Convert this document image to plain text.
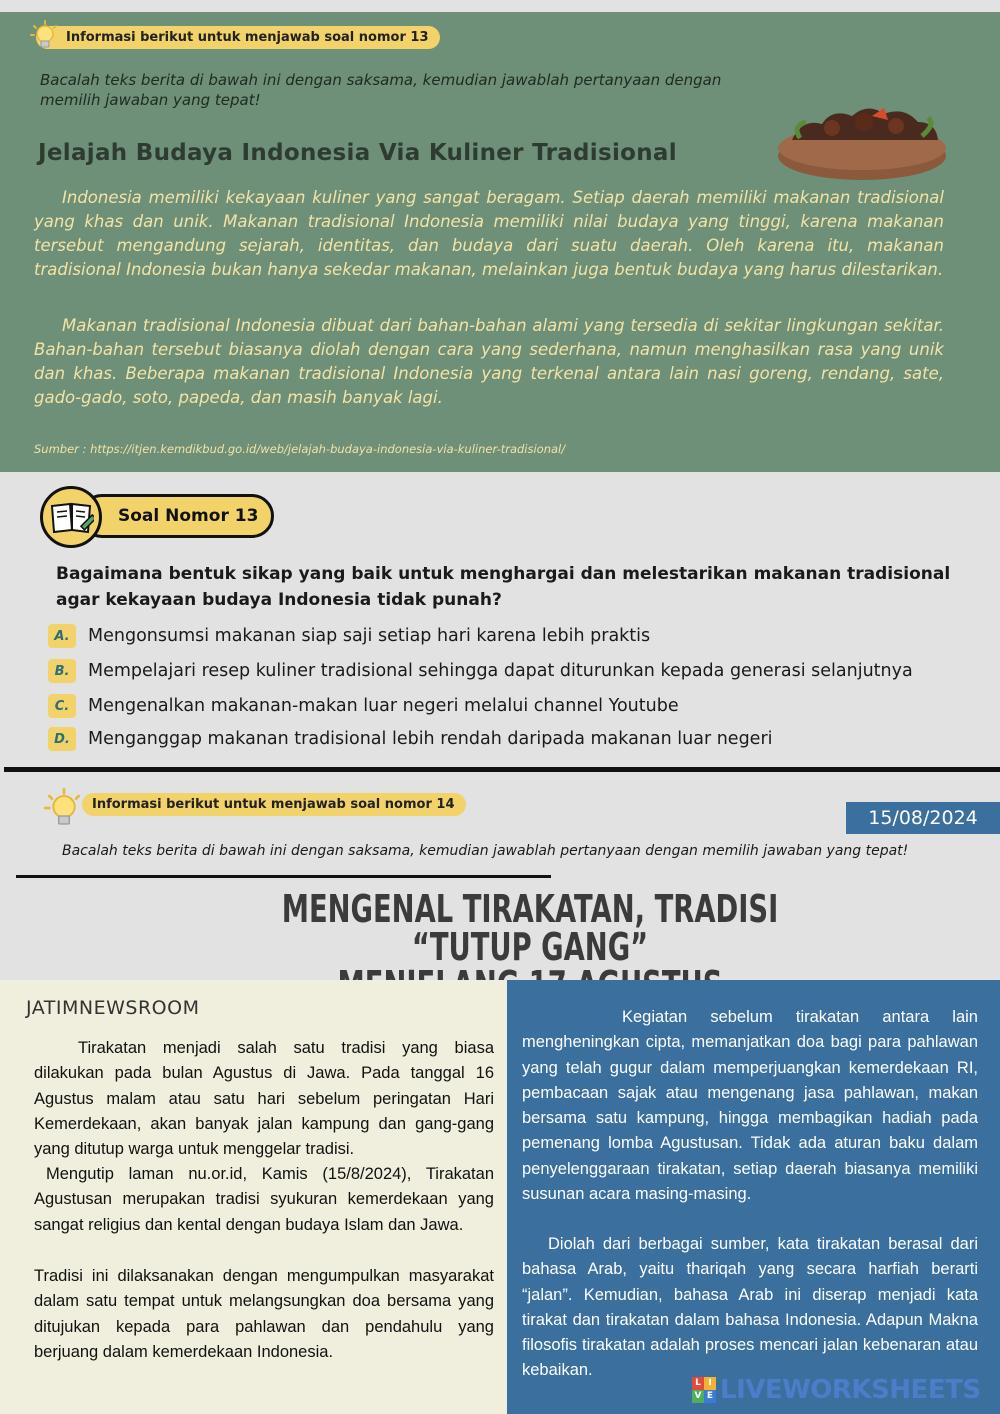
Informasi berikut untuk menjawab soal nomor 13
Bacalah teks berita di bawah ini dengan saksama, kemudian jawablah pertanyaan dengan memilih jawaban yang tepat!
Jelajah Budaya Indonesia Via Kuliner Tradisional
Indonesia memiliki kekayaan kuliner yang sangat beragam. Setiap daerah memiliki makanan tradisional yang khas dan unik. Makanan tradisional Indonesia memiliki nilai budaya yang tinggi, karena makanan tersebut mengandung sejarah, identitas, dan budaya dari suatu daerah. Oleh karena itu, makanan tradisional Indonesia bukan hanya sekedar makanan, melainkan juga bentuk budaya yang harus dilestarikan.
Makanan tradisional Indonesia dibuat dari bahan-bahan alami yang tersedia di sekitar lingkungan sekitar. Bahan-bahan tersebut biasanya diolah dengan cara yang sederhana, namun menghasilkan rasa yang unik dan khas. Beberapa makanan tradisional Indonesia yang terkenal antara lain nasi goreng, rendang, sate, gado-gado, soto, papeda, dan masih banyak lagi.
Sumber : https://itjen.kemdikbud.go.id/web/jelajah-budaya-indonesia-via-kuliner-tradisional/
Soal Nomor 13
Bagaimana bentuk sikap yang baik untuk menghargai dan melestarikan makanan tradisional agar kekayaan budaya Indonesia tidak punah?
A.	Mengonsumsi makanan siap saji setiap hari karena lebih praktis
B.	Mempelajari resep kuliner tradisional sehingga dapat diturunkan kepada generasi selanjutnya
C.	Mengenalkan makanan-makan luar negeri melalui channel Youtube
D.	Menganggap makanan tradisional lebih rendah daripada makanan luar negeri
Informasi berikut untuk menjawab soal nomor 14
15/08/2024
Bacalah teks berita di bawah ini dengan saksama, kemudian jawablah pertanyaan dengan memilih jawaban yang tepat!
MENGENAL TIRAKATAN, TRADISI “TUTUP GANG”
JATIMNEWSROOM
Tirakatan menjadi salah satu tradisi yang biasa dilakukan pada bulan Agustus di Jawa. Pada tanggal 16 Agustus malam atau satu hari sebelum peringatan Hari Kemerdekaan, akan banyak jalan kampung dan gang-gang yang ditutup warga untuk menggelar tradisi.
Mengutip laman nu.or.id, Kamis (15/8/2024), Tirakatan Agustusan merupakan tradisi syukuran kemerdekaan yang sangat religius dan kental dengan budaya Islam dan Jawa.
Tradisi ini dilaksanakan dengan mengumpulkan masyarakat dalam satu tempat untuk melangsungkan doa bersama yang ditujukan kepada para pahlawan dan pendahulu yang berjuang dalam kemerdekaan Indonesia.
Kegiatan sebelum tirakatan antara lain mengheningkan cipta, memanjatkan doa bagi para pahlawan yang telah gugur dalam memperjuangkan kemerdekaan RI, pembacaan sajak atau mengenang jasa pahlawan, makan bersama satu kampung, hingga membagikan hadiah pada pemenang lomba Agustusan. Tidak ada aturan baku dalam penyelenggaraan tirakatan, setiap daerah biasanya memiliki susunan acara masing-masing.
Diolah dari berbagai sumber, kata tirakatan berasal dari bahasa Arab, yaitu thariqah yang secara harfiah berarti “jalan”. Kemudian, bahasa Arab ini diserap menjadi kata tirakat dan tirakatan dalam bahasa Indonesia. Adapun Makna filosofis tirakatan adalah proses mencari jalan kebenaran atau kebaikan.
L I
V E LIVEWORKSHEETS
